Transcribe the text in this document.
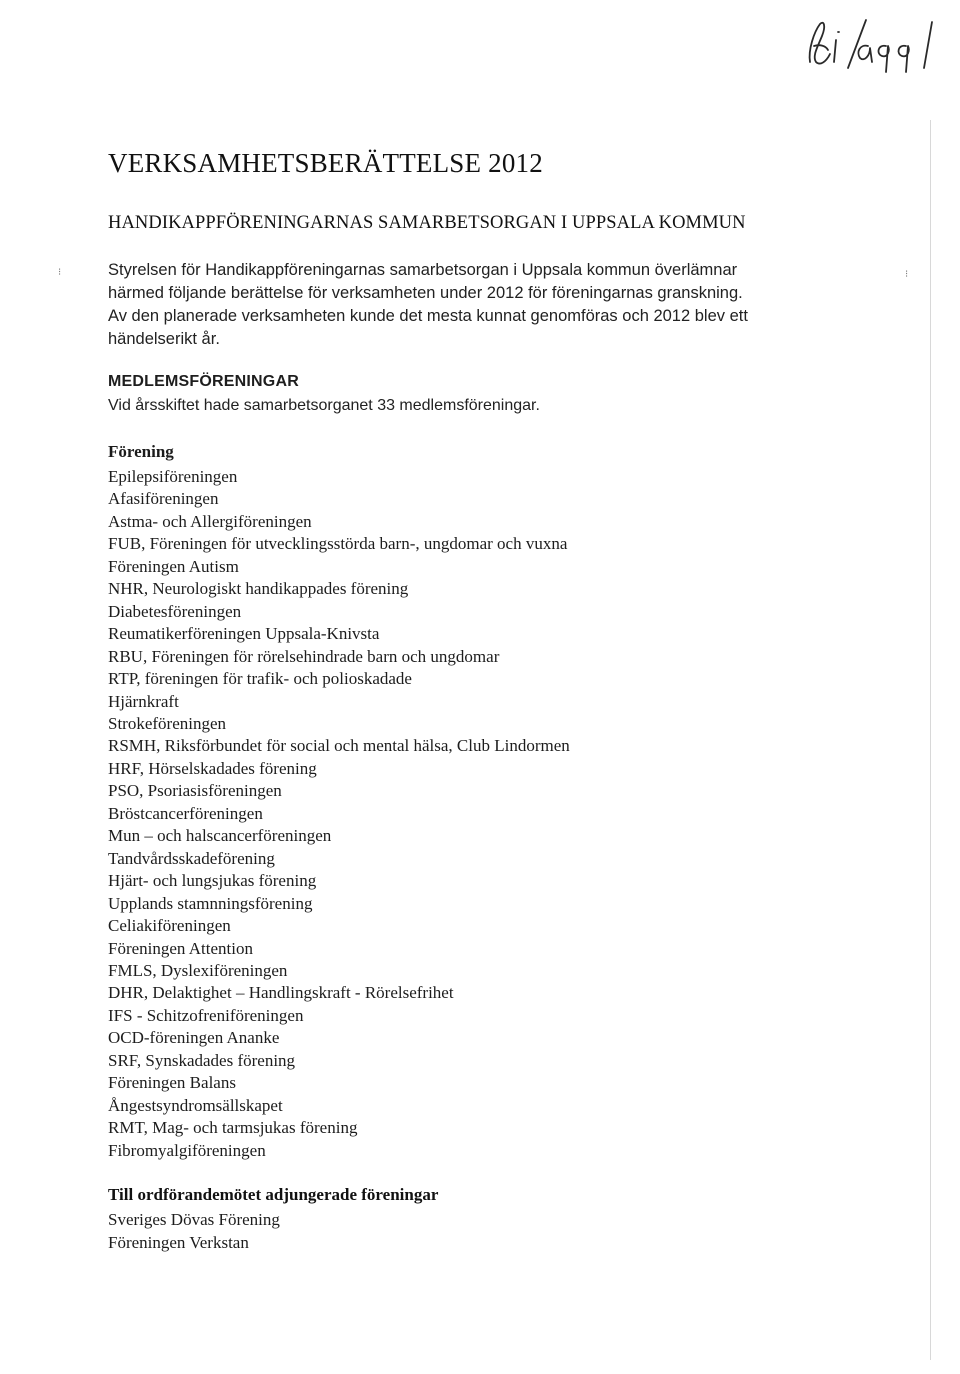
⁝	⁝
VERKSAMHETSBERÄTTELSE 2012
HANDIKAPPFÖRENINGARNAS SAMARBETSORGAN I UPPSALA KOMMUN
Styrelsen för Handikappföreningarnas samarbetsorgan i Uppsala kommun överlämnar
härmed följande berättelse för verksamheten under 2012 för föreningarnas granskning.
Av den planerade verksamheten kunde det mesta kunnat genomföras och 2012 blev ett
händelserikt år.
MEDLEMSFÖRENINGAR
Vid årsskiftet hade samarbetsorganet 33 medlemsföreningar.
Förening
Epilepsiföreningen
Afasiföreningen
Astma- och Allergiföreningen
FUB, Föreningen för utvecklingsstörda barn-, ungdomar och vuxna
Föreningen Autism
NHR, Neurologiskt handikappades förening
Diabetesföreningen
Reumatikerföreningen Uppsala-Knivsta
RBU, Föreningen för rörelsehindrade barn och ungdomar
RTP, föreningen för trafik- och polioskadade
Hjärnkraft
Strokeföreningen
RSMH, Riksförbundet för social och mental hälsa, Club Lindormen
HRF, Hörselskadades förening
PSO, Psoriasisföreningen
Bröstcancerföreningen
Mun – och halscancerföreningen
Tandvårdsskadeförening
Hjärt- och lungsjukas förening
Upplands stamnningsförening
Celiakiföreningen
Föreningen Attention
FMLS, Dyslexiföreningen
DHR, Delaktighet – Handlingskraft - Rörelsefrihet
IFS - Schitzofreniföreningen
OCD-föreningen Ananke
SRF, Synskadades förening
Föreningen Balans
Ångestsyndromsällskapet
RMT, Mag- och tarmsjukas förening
Fibromyalgiföreningen
Till ordförandemötet adjungerade föreningar
Sveriges Dövas Förening
Föreningen Verkstan
